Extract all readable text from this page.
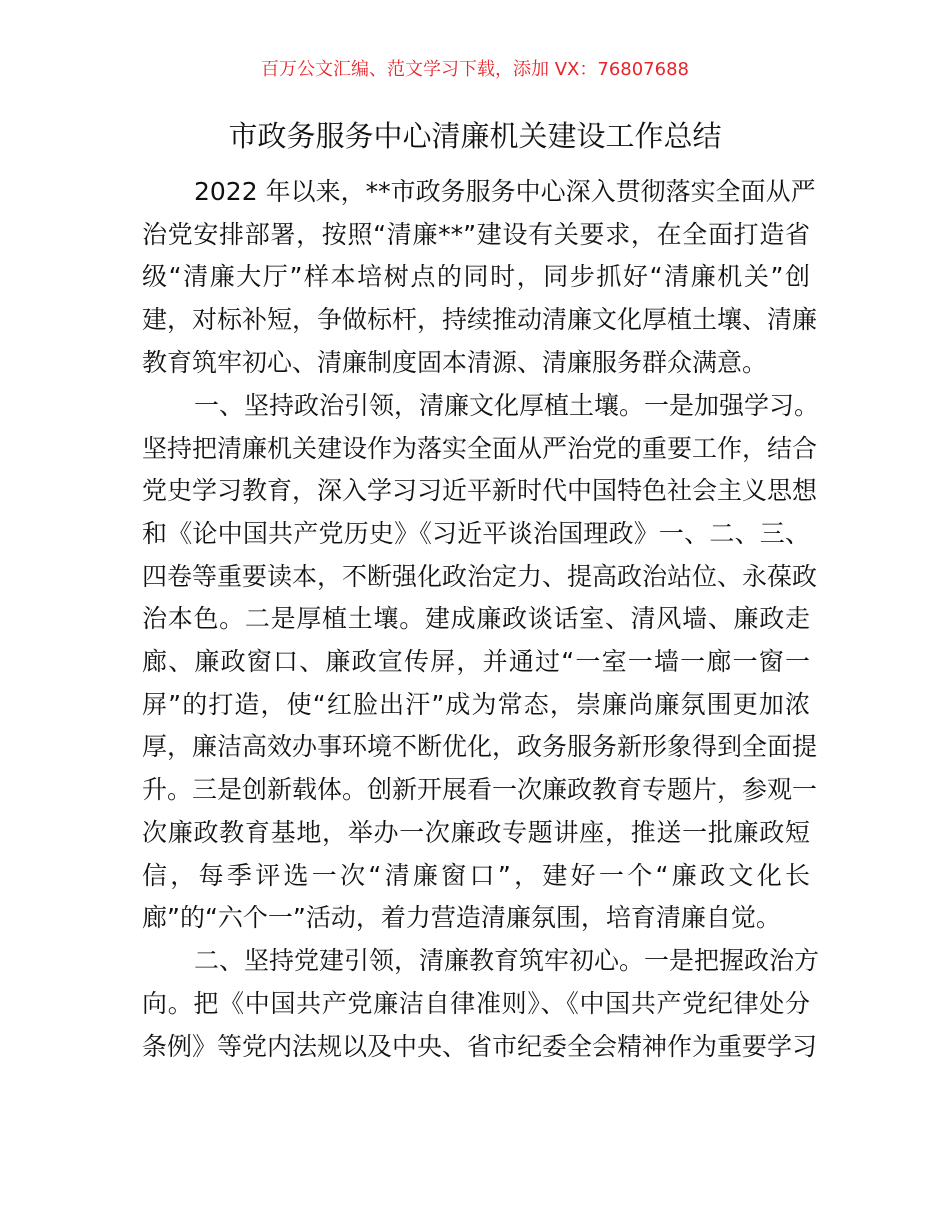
百万公文汇编、范文学习下载，添加 VX：76807688
市政务服务中心清廉机关建设工作总结
2022 年以来，**市政务服务中心深入贯彻落实全面从严
治党安排部署，按照“清廉**”建设有关要求，在全面打造省
级“清廉大厅”样本培树点的同时，同步抓好“清廉机关”创
建，对标补短，争做标杆，持续推动清廉文化厚植土壤、清廉
教育筑牢初心、清廉制度固本清源、清廉服务群众满意。
一、坚持政治引领，清廉文化厚植土壤。一是加强学习。
坚持把清廉机关建设作为落实全面从严治党的重要工作，结合
党史学习教育，深入学习习近平新时代中国特色社会主义思想
和《论中国共产党历史》《习近平谈治国理政》一、二、三、
四卷等重要读本，不断强化政治定力、提高政治站位、永葆政
治本色。二是厚植土壤。建成廉政谈话室、清风墙、廉政走
廊、廉政窗口、廉政宣传屏，并通过“一室一墙一廊一窗一
屏”的打造，使“红脸出汗”成为常态，崇廉尚廉氛围更加浓
厚，廉洁高效办事环境不断优化，政务服务新形象得到全面提
升。三是创新载体。创新开展看一次廉政教育专题片，参观一
次廉政教育基地，举办一次廉政专题讲座，推送一批廉政短
信，每季评选一次“清廉窗口”，建好一个“廉政文化长
廊”的“六个一”活动，着力营造清廉氛围，培育清廉自觉。
二、坚持党建引领，清廉教育筑牢初心。一是把握政治方
向。把《中国共产党廉洁自律准则》、《中国共产党纪律处分
条例》等党内法规以及中央、省市纪委全会精神作为重要学习
